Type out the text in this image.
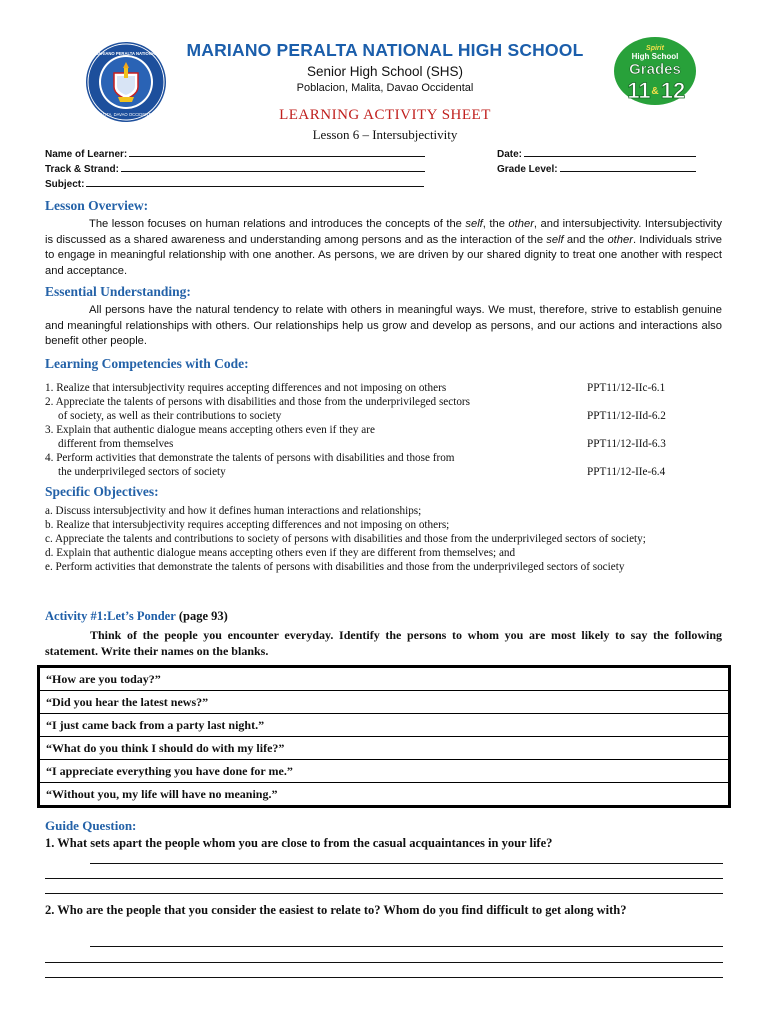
MARIANO PERALTA NATIONAL
MALITA, DAVAO OCCIDENTAL
Spirit
High School
Grades
11 & 12
MARIANO PERALTA NATIONAL HIGH SCHOOL
Senior High School (SHS)
Poblacion, Malita, Davao Occidental
LEARNING ACTIVITY SHEET
Lesson 6 – Intersubjectivity
Name of Learner:
Track & Strand:
Subject:
Date:
Grade Level:
Lesson Overview:
The lesson focuses on human relations and introduces the concepts of the self, the other, and intersubjectivity. Intersubjectivity is discussed as a shared awareness and understanding among persons and as the interaction of the self and the other. Individuals strive to engage in meaningful relationship with one another. As persons, we are driven by our shared dignity to treat one another with respect and acceptance.
Essential Understanding:
All persons have the natural tendency to relate with others in meaningful ways. We must, therefore, strive to establish genuine and meaningful relationships with others. Our relationships help us grow and develop as persons, and our actions and interactions also benefit other people.
Learning Competencies with Code:
1. Realize that intersubjectivity requires accepting differences and not imposing on others	PPT11/12-IIc-6.1
2. Appreciate the talents of persons with disabilities and those from the underprivileged sectors
of society, as well as their contributions to society	PPT11/12-IId-6.2
3. Explain that authentic dialogue means accepting others even if they are
different from themselves	PPT11/12-IId-6.3
4. Perform activities that demonstrate the talents of persons with disabilities and those from
the underprivileged sectors of society	PPT11/12-IIe-6.4
Specific Objectives:
a. Discuss intersubjectivity and how it defines human interactions and relationships;
b. Realize that intersubjectivity requires accepting differences and not imposing on others;
c. Appreciate the talents and contributions to society of persons with disabilities and those from the underprivileged sectors of society;
d. Explain that authentic dialogue means accepting others even if they are different from themselves; and
e. Perform activities that demonstrate the talents of persons with disabilities and those from the underprivileged sectors of society
Activity #1:Let’s Ponder (page 93)
Think of the people you encounter everyday. Identify the persons to whom you are most likely to say the following statement. Write their names on the blanks.
“How are you today?”
“Did you hear the latest news?”
“I just came back from a party last night.”
“What do you think I should do with my life?”
“I appreciate everything you have done for me.”
“Without you, my life will have no meaning.”
Guide Question:
1. What sets apart the people whom you are close to from the casual acquaintances in your life?
2. Who are the people that you consider the easiest to relate to? Whom do you find difficult to get along with?
